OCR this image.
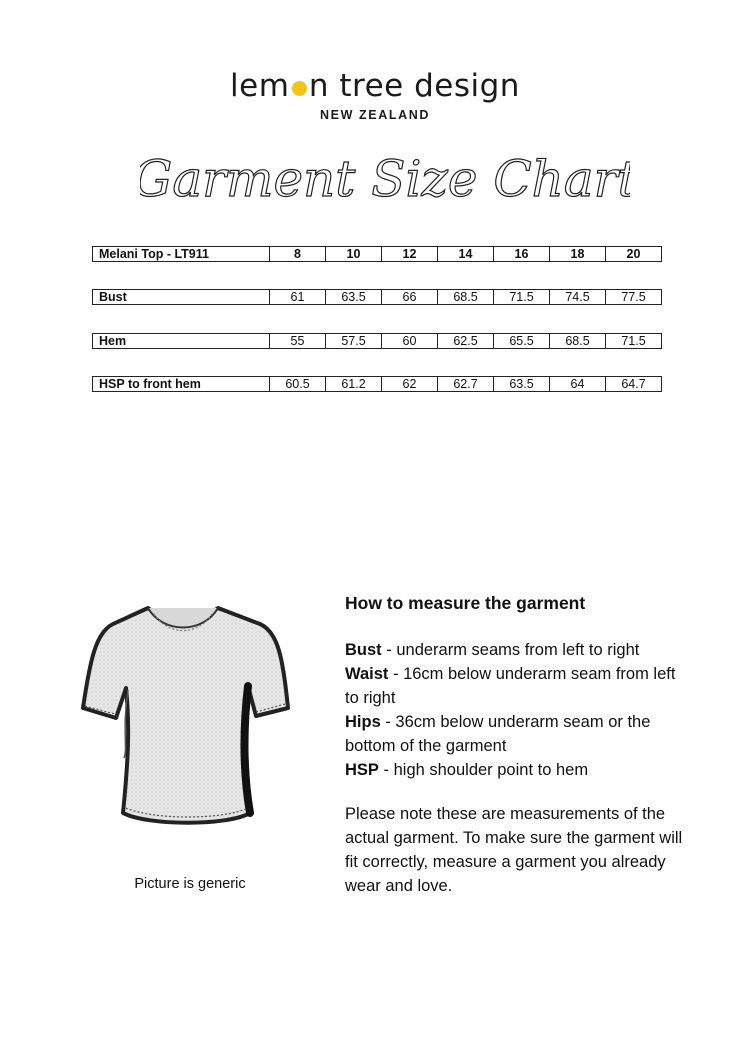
lem n tree design
NEW ZEALAND
Garment Size Chart
Melani Top - LT911	8	10	12	14	16	18	20
Bust	61	63.5	66	68.5	71.5	74.5	77.5
Hem	55	57.5	60	62.5	65.5	68.5	71.5
HSP to front hem	60.5	61.2	62	62.7	63.5	64	64.7
Picture is generic
How to measure the garment

Bust - underarm seams from left to right

Waist - 16cm below underarm seam from left to right

Hips - 36cm below underarm seam or the bottom of the garment

HSP - high shoulder point to hem

Please note these are measurements of the actual garment. To make sure the garment will fit correctly, measure a garment you already wear and love.
